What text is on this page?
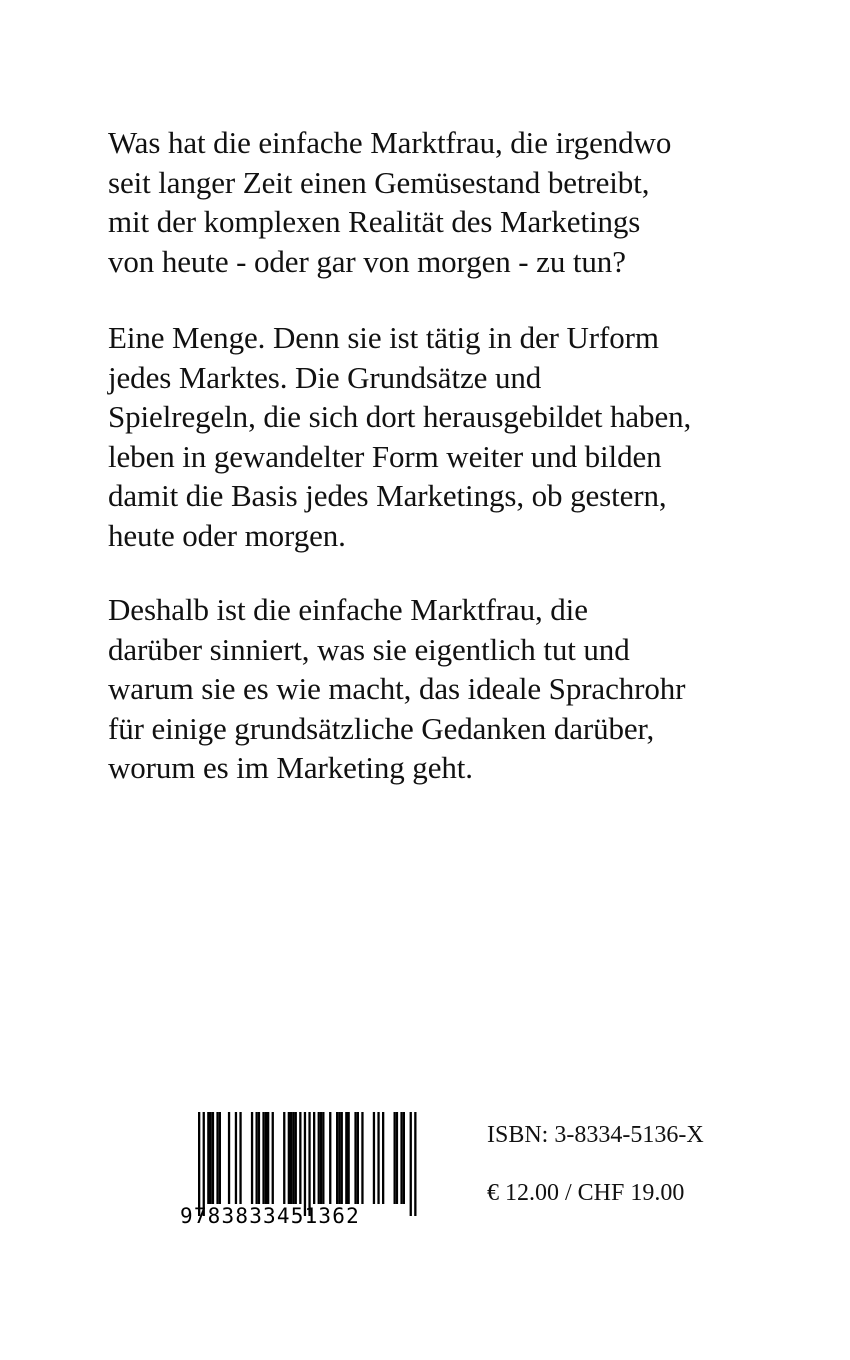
Was hat die einfache Marktfrau, die irgendwo
seit langer Zeit einen Gemüsestand betreibt,
mit der komplexen Realität des Marketings
von heute - oder gar von morgen - zu tun?
Eine Menge. Denn sie ist tätig in der Urform
jedes Marktes. Die Grundsätze und
Spielregeln, die sich dort herausgebildet haben,
leben in gewandelter Form weiter und bilden
damit die Basis jedes Marketings, ob gestern,
heute oder morgen.
Deshalb ist die einfache Marktfrau, die
darüber sinniert, was sie eigentlich tut und
warum sie es wie macht, das ideale Sprachrohr
für einige grundsätzliche Gedanken darüber,
worum es im Marketing geht.
9783833451362
ISBN: 3-8334-5136-X
€ 12.00 / CHF 19.00
